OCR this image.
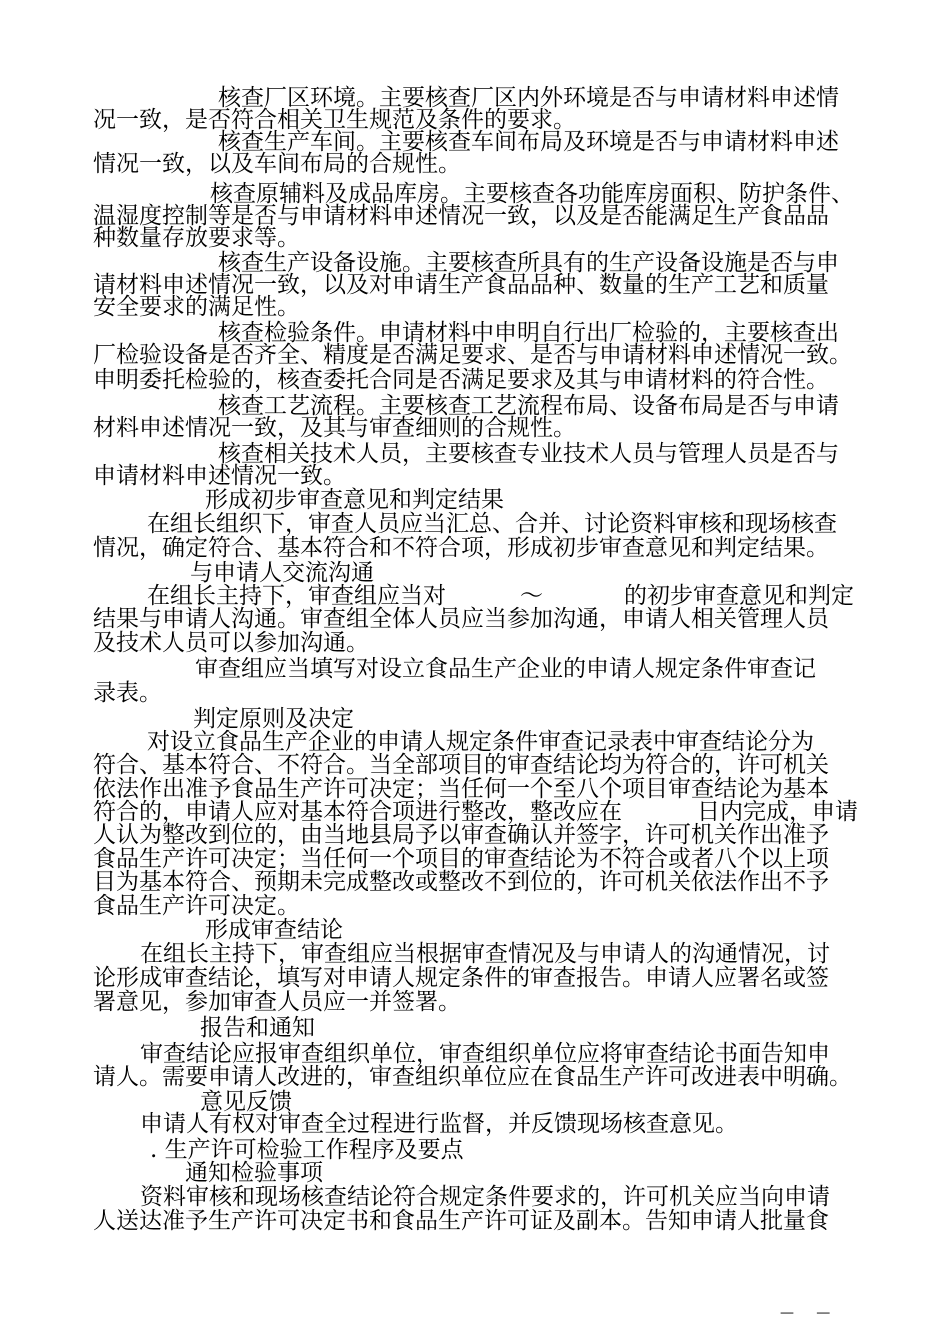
核查厂区环境。主要核查厂区内外环境是否与申请材料申述情
况一致，是否符合相关卫生规范及条件的要求。
核查生产车间。主要核查车间布局及环境是否与申请材料申述
情况一致，以及车间布局的合规性。
核查原辅料及成品库房。主要核查各功能库房面积、防护条件、
温湿度控制等是否与申请材料申述情况一致，以及是否能满足生产食品品
种数量存放要求等。
核查生产设备设施。主要核查所具有的生产设备设施是否与申
请材料申述情况一致，以及对申请生产食品品种、数量的生产工艺和质量
安全要求的满足性。
核查检验条件。申请材料中申明自行出厂检验的，主要核查出
厂检验设备是否齐全、精度是否满足要求、是否与申请材料申述情况一致。
申明委托检验的，核查委托合同是否满足要求及其与申请材料的符合性。
核查工艺流程。主要核查工艺流程布局、设备布局是否与申请
材料申述情况一致，及其与审查细则的合规性。
核查相关技术人员，主要核查专业技术人员与管理人员是否与
申请材料申述情况一致。
形成初步审查意见和判定结果
在组长组织下，审查人员应当汇总、合并、讨论资料审核和现场核查
情况，确定符合、基本符合和不符合项，形成初步审查意见和判定结果。
与申请人交流沟通
在组长主持下，审查组应当对	～	的初步审查意见和判定
结果与申请人沟通。审查组全体人员应当参加沟通，申请人相关管理人员
及技术人员可以参加沟通。
审查组应当填写对设立食品生产企业的申请人规定条件审查记
录表。
判定原则及决定
对设立食品生产企业的申请人规定条件审查记录表中审查结论分为
符合、基本符合、不符合。当全部项目的审查结论均为符合的，许可机关
依法作出准予食品生产许可决定；当任何一个至八个项目审查结论为基本
符合的，申请人应对基本符合项进行整改，整改应在	日内完成，申请
人认为整改到位的，由当地县局予以审查确认并签字，许可机关作出准予
食品生产许可决定；当任何一个项目的审查结论为不符合或者八个以上项
目为基本符合、预期未完成整改或整改不到位的，许可机关依法作出不予
食品生产许可决定。
形成审查结论
在组长主持下，审查组应当根据审查情况及与申请人的沟通情况，讨
论形成审查结论，填写对申请人规定条件的审查报告。申请人应署名或签
署意见，参加审查人员应一并签署。
报告和通知
审查结论应报审查组织单位，审查组织单位应将审查结论书面告知申
请人。需要申请人改进的，审查组织单位应在食品生产许可改进表中明确。
意见反馈
申请人有权对审查全过程进行监督，并反馈现场核查意见。
. 生产许可检验工作程序及要点
通知检验事项
资料审核和现场核查结论符合规定条件要求的，许可机关应当向申请
人送达准予生产许可决定书和食品生产许可证及副本。告知申请人批量食
—     —
